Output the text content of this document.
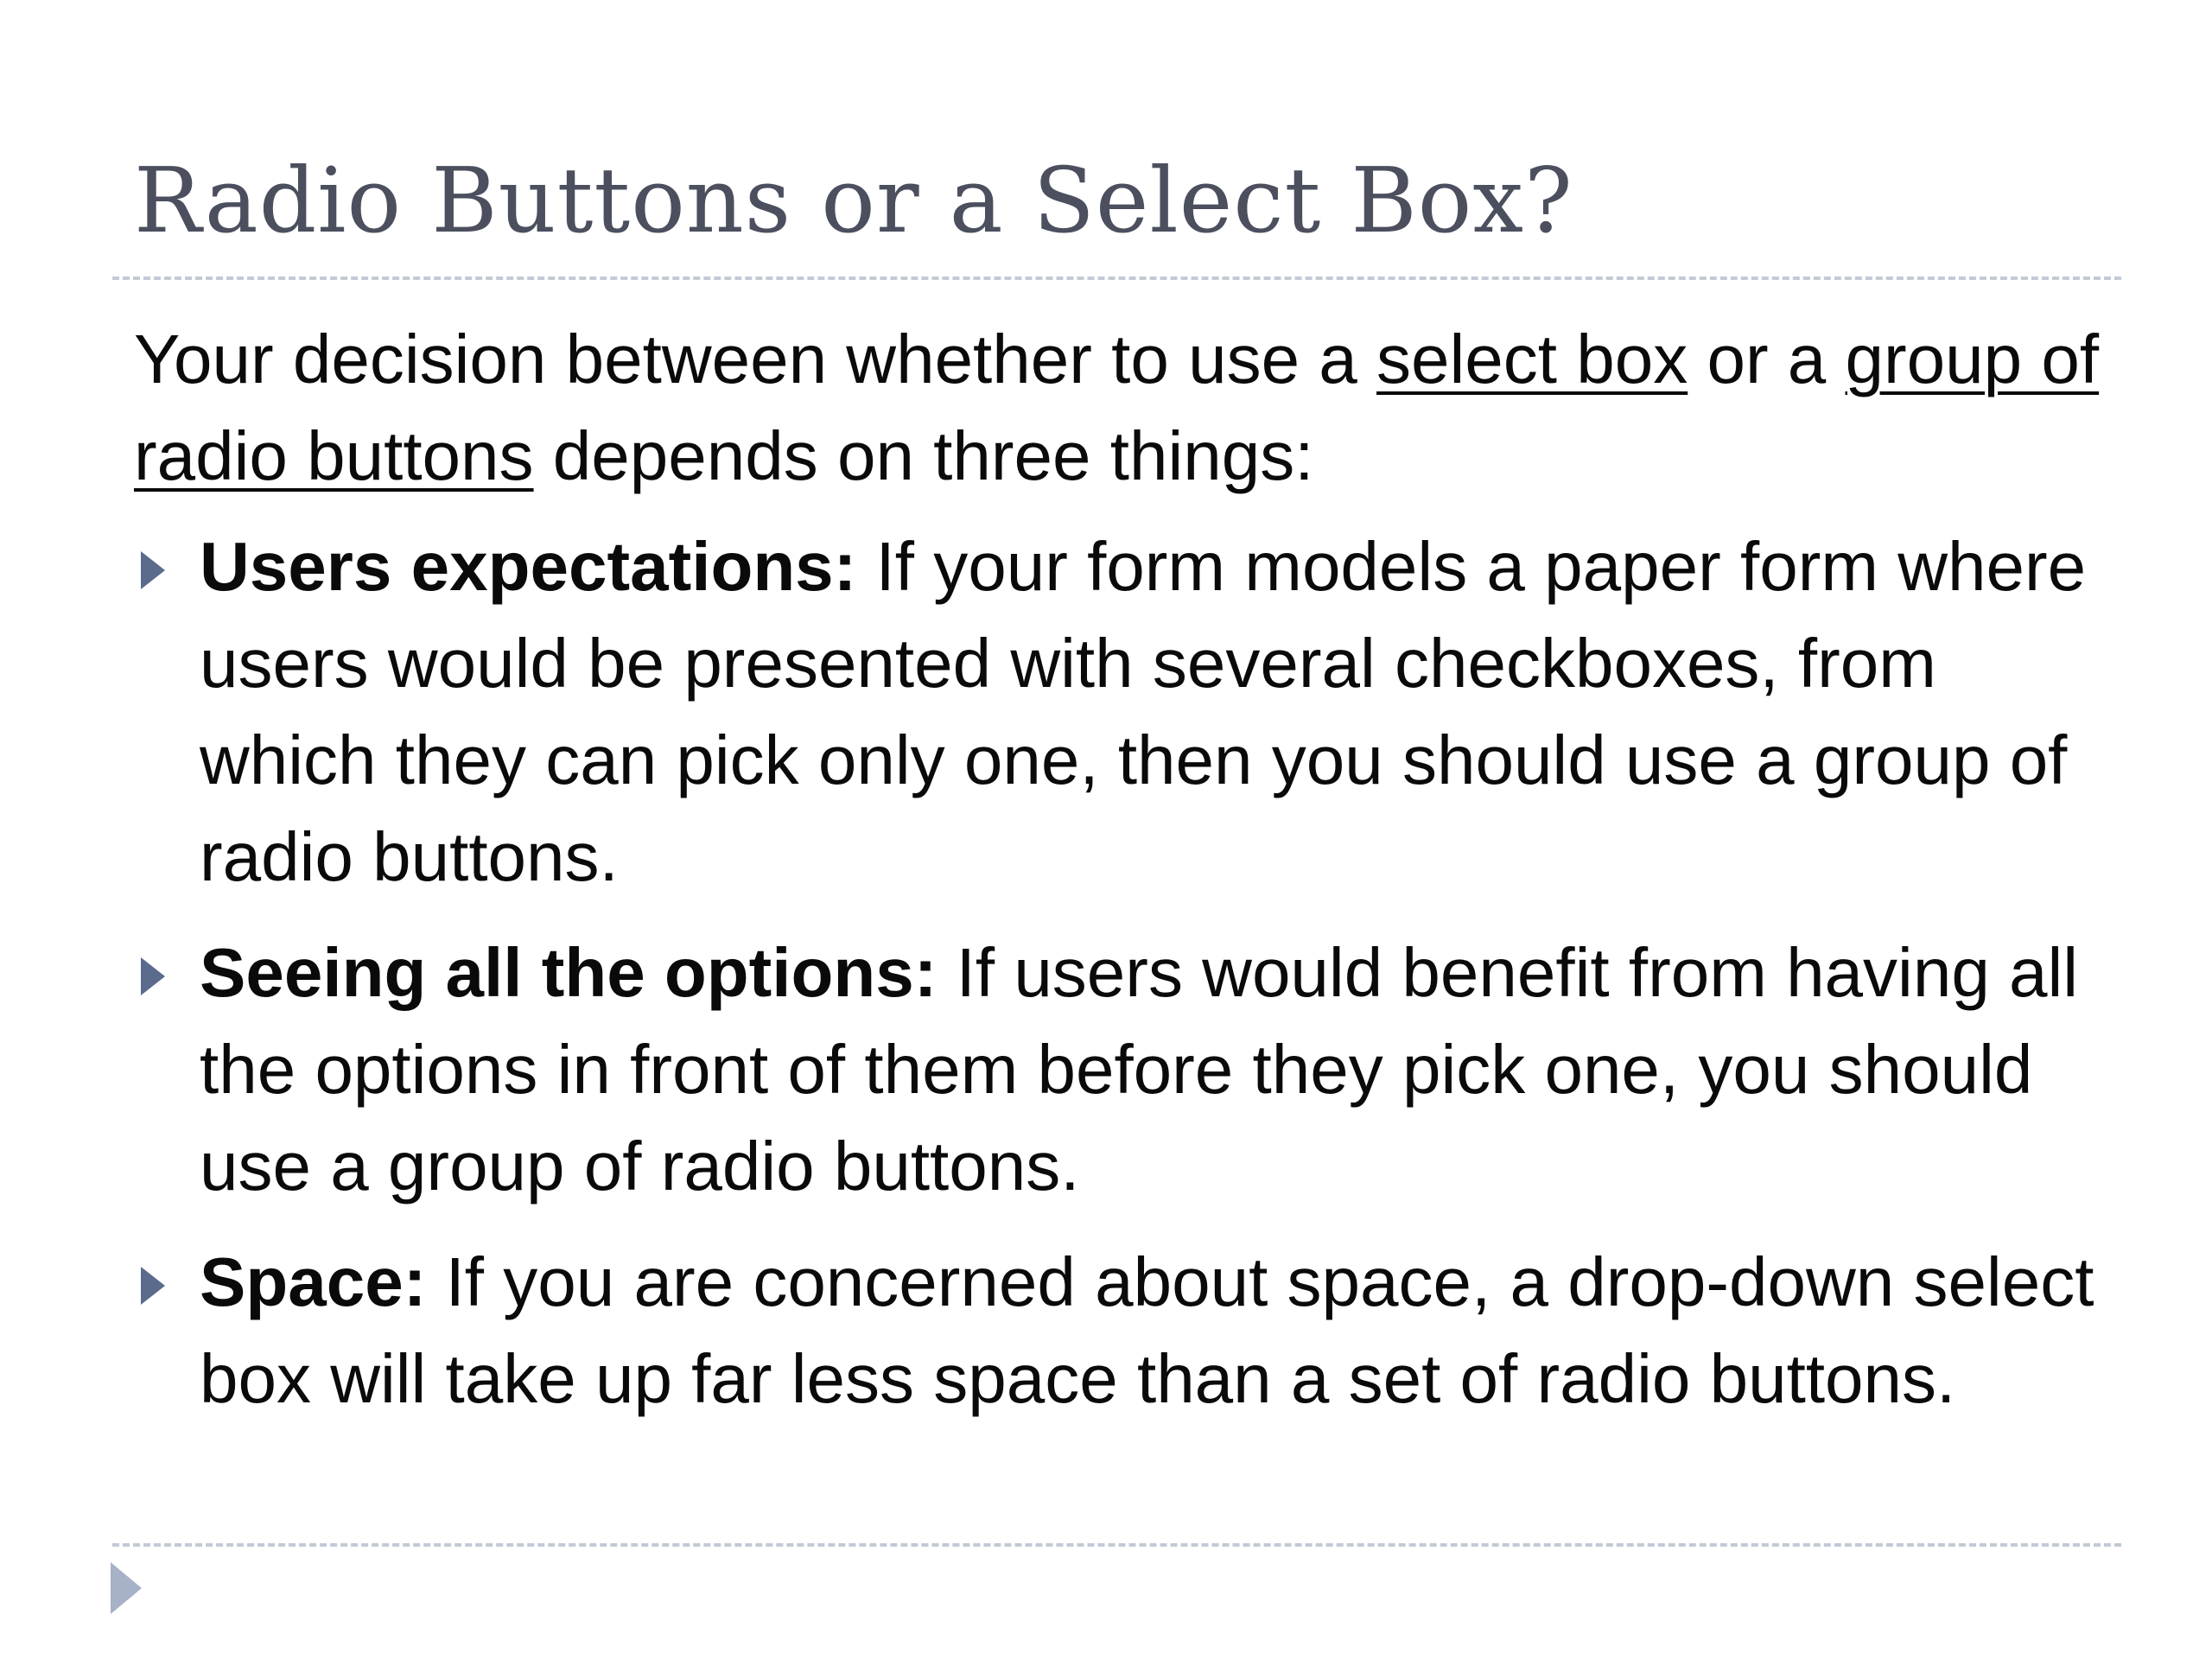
Radio Buttons or a Select Box?

Your decision between whether to use a select box or a group of radio buttons depends on three things:

Users expectations: If your form models a paper form where users would be presented with several checkboxes, from which they can pick only one, then you should use a group of radio buttons.
Seeing all the options: If users would benefit from having all the options in front of them before they pick one, you should use a group of radio buttons.
Space: If you are concerned about space, a drop-down select box will take up far less space than a set of radio buttons.
